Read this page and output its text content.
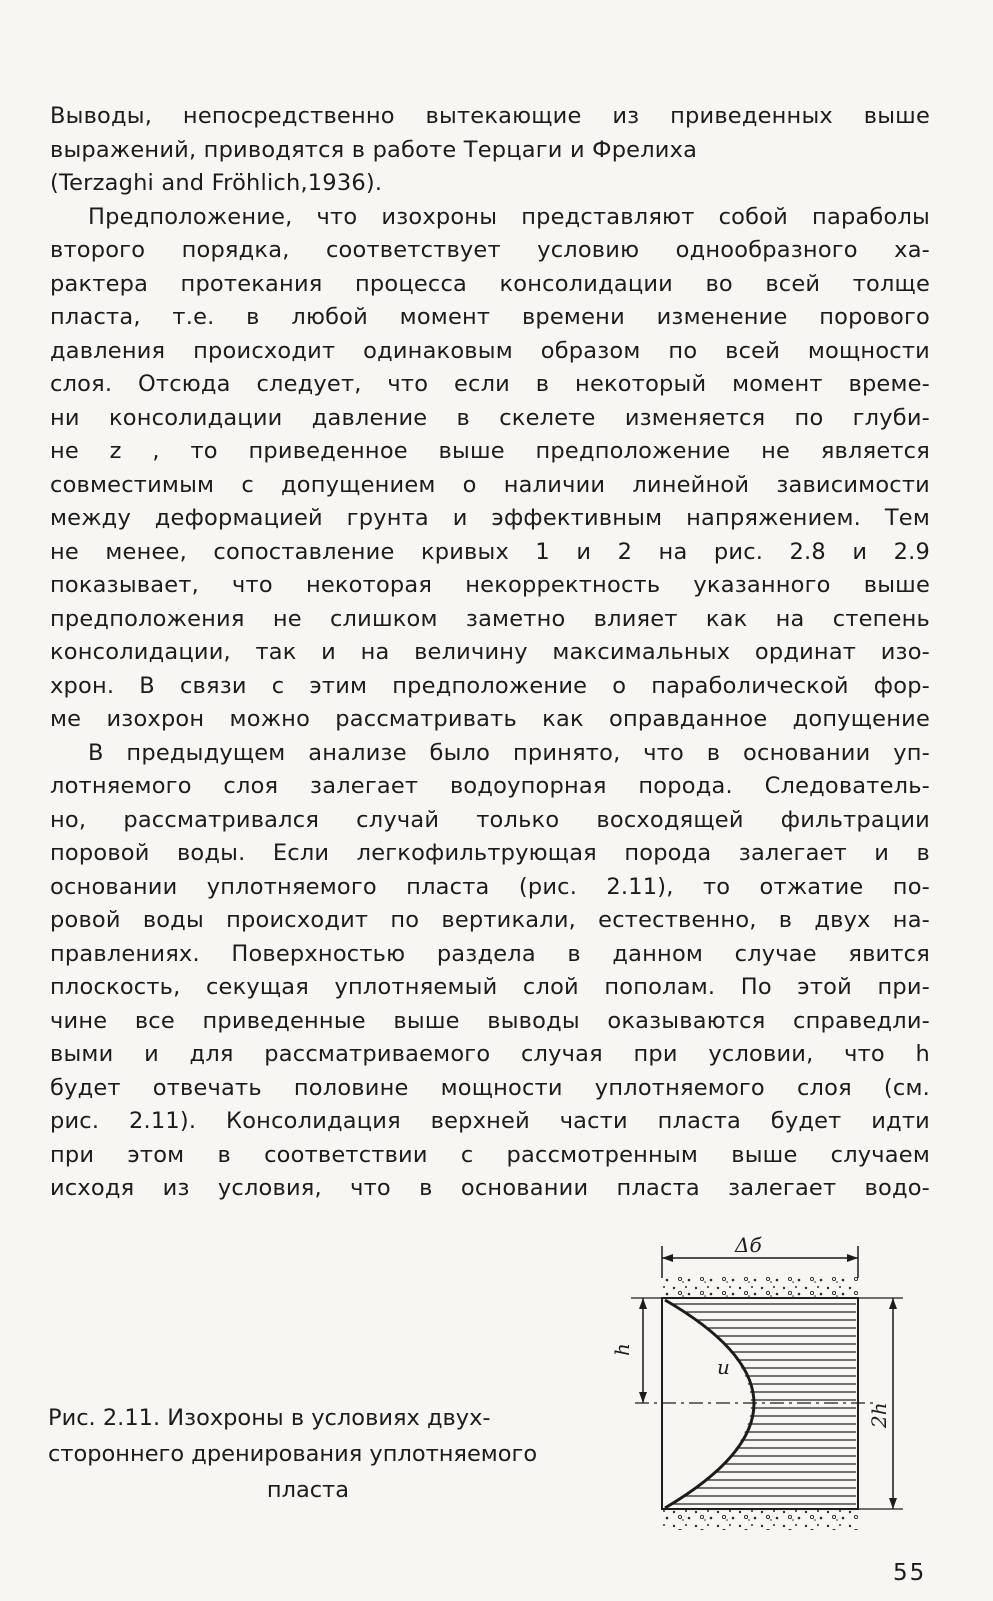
Выводы, непосредственно вытекающие из приведенных выше
выражений, приводятся в работе Терцаги и Фрелиха
(Terzaghi and Fröhlich,1936).
Предположение, что изохроны представляют собой параболы
второго порядка, соответствует условию однообразного ха-
рактера протекания процесса консолидации во всей толще
пласта, т.е. в любой момент времени изменение порового
давления происходит одинаковым образом по всей мощности
слоя. Отсюда следует, что если в некоторый момент време-
ни консолидации давление в скелете изменяется по глуби-
не z , то приведенное выше предположение не является
совместимым с допущением о наличии линейной зависимости
между деформацией грунта и эффективным напряжением. Тем
не менее, сопоставление кривых 1 и 2 на рис. 2.8 и 2.9
показывает, что некоторая некорректность указанного выше
предположения не слишком заметно влияет как на степень
консолидации, так и на величину максимальных ординат изо-
хрон. В связи с этим предположение о параболической фор-
ме изохрон можно рассматривать как оправданное допущение
В предыдущем анализе было принято, что в основании уп-
лотняемого слоя залегает водоупорная порода. Следователь-
но, рассматривался случай только восходящей фильтрации
поровой воды. Если легкофильтрующая порода залегает и в
основании уплотняемого пласта (рис. 2.11), то отжатие по-
ровой воды происходит по вертикали, естественно, в двух на-
правлениях. Поверхностью раздела в данном случае явится
плоскость, секущая уплотняемый слой пополам. По этой при-
чине все приведенные выше выводы оказываются справедли-
выми и для рассматриваемого случая при условии, что h
будет отвечать половине мощности уплотняемого слоя (см.
рис. 2.11). Консолидация верхней части пласта будет идти
при этом в соответствии с рассмотренным выше случаем
исходя из условия, что в основании пласта залегает водо-
Рис. 2.11. Изохроны в условиях двух-
стороннего дренирования уплотняемого
пласта
Δб
h
u
2h
55
